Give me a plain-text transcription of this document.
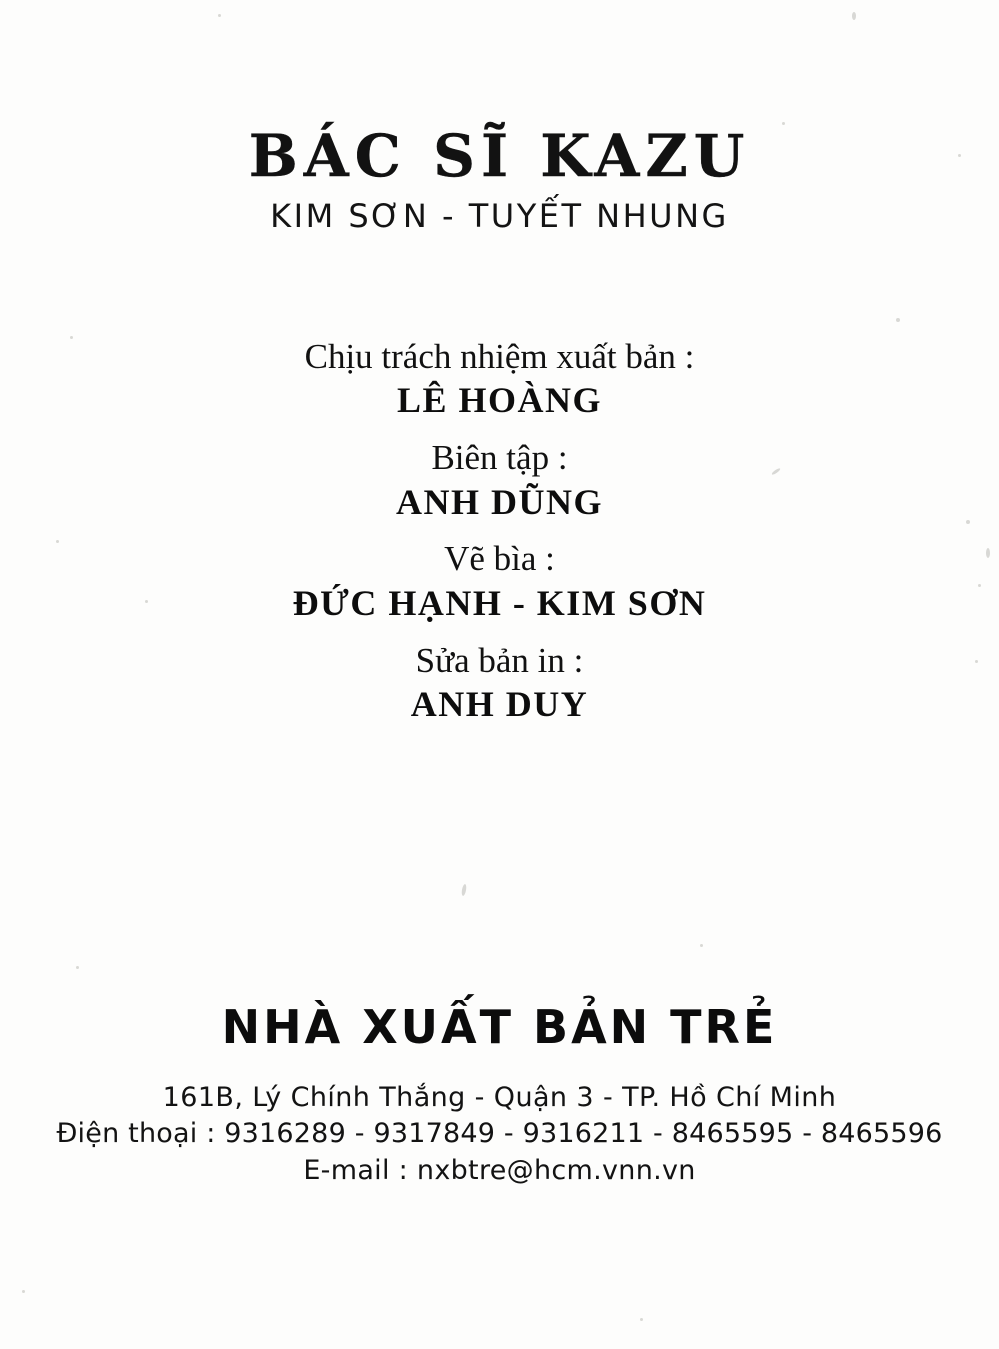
BÁC SĨ KAZU
KIM SƠN - TUYẾT NHUNG
Chịu trách nhiệm xuất bản :
LÊ HOÀNG
Biên tập :
ANH DŨNG
Vẽ bìa :
ĐỨC HẠNH - KIM SƠN
Sửa bản in :
ANH DUY
NHÀ XUẤT BẢN TRẺ
161B, Lý Chính Thắng - Quận 3 - TP. Hồ Chí Minh
Điện thoại : 9316289 - 9317849 - 9316211 - 8465595 - 8465596
E-mail : nxbtre@hcm.vnn.vn
